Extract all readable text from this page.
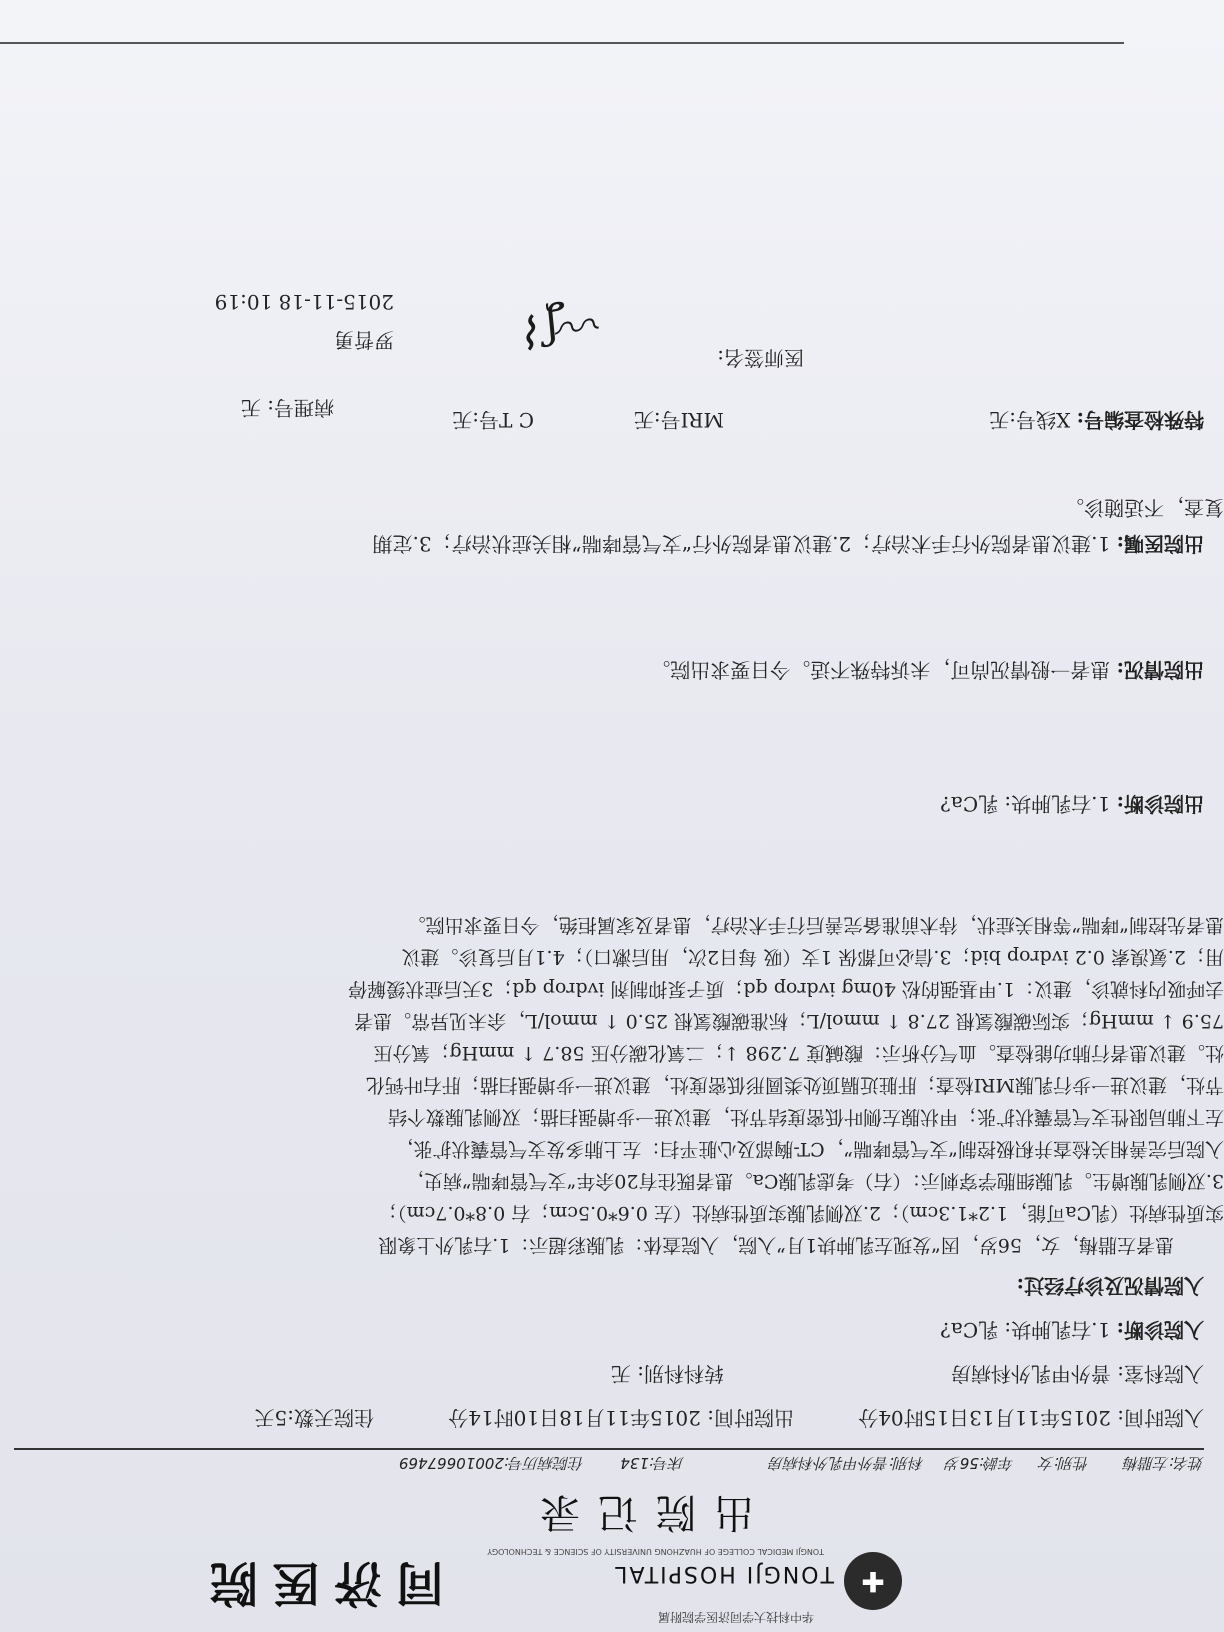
✚
华中科技大学同济医学院附属
TONGJI HOSPITAL
TONGJI MEDICAL COLLEGE OF HUAZHONG UNIVERSITY OF SCIENCE & TECHNOLOGY
同济医院
出院记录
姓名:左腊梅
性别:女
年龄:56岁
科别:普外甲乳外科病房
床号:134
住院病历号:20010667469
入院时间: 2015年11月13日15时04分
出院时间: 2015年11月18日10时14分
住院天数:5天
入院科室: 普外甲乳外科病房
转科科别: 无
入院诊断: 1.右乳肿块: 乳Ca?
入院情况及诊疗经过:
患者左腊梅，女，56岁，因“发现左乳肿块1月”入院，入院查体：乳腺彩超示：1.右乳外上象限
实质性病灶（乳Ca可能，1.2*1.3cm）；2.双侧乳腺实质性病灶（左 0.6*0.5cm；右 0.8*0.7cm）；
3.双侧乳腺增生。乳腺细胞学穿刺示：（右）考虑乳腺Ca。患者既往有20余年“支气管哮喘”病史，
入院后完善相关检查并积极控制“支气管哮喘”，CT-胸部及心脏平扫：左上肺多发支气管囊状扩张，
左下肺局限性支气管囊状扩张；甲状腺左侧叶低密度结节灶，建议进一步增强扫描；双侧乳腺数个结
节灶，建议进一步行乳腺MRI检查；肝脏近膈顶处类圆形低密度灶，建议进一步增强扫描；肝右叶钙化
灶。建议患者行肺功能检查。血气分析示：酸碱度 7.298 ↓；二氧化碳分压 58.7 ↑ mmHg；氧分压
75.9 ↓ mmHg；实际碳酸氢根 27.8 ↑ mmol/L；标准碳酸氢根 25.0 ↑ mmol/L，余未见异常。患者
去呼吸内科就诊，建议：1.甲基强的松 40mg ivdrop qd；质子泵抑制剂 ivdrop qd；3天后症状缓解停
用；2.氨溴索 0.2 ivdrop bid；3.信必可都保 1支（吸 每日2次，用后漱口）；4.1月后复诊。建议
患者先控制“哮喘”等相关症状，待术前准备完善后行手术治疗，患者及家属拒绝，今日要求出院。
出院诊断: 1.右乳肿块: 乳Ca?
出院情况: 患者一般情况尚可，未诉特殊不适。今日要求出院。
出院医嘱: 1.建议患者院外行手术治疗；2.建议患者院外行“支气管哮喘”相关症状治疗；3.定期
复查，不适随诊。
特殊检查编号: X线号:无
MRI号:无
C T号:无
病理号: 无
医师签名:
〰ʆ⌇
罗哲勇
2015-11-18 10:19
